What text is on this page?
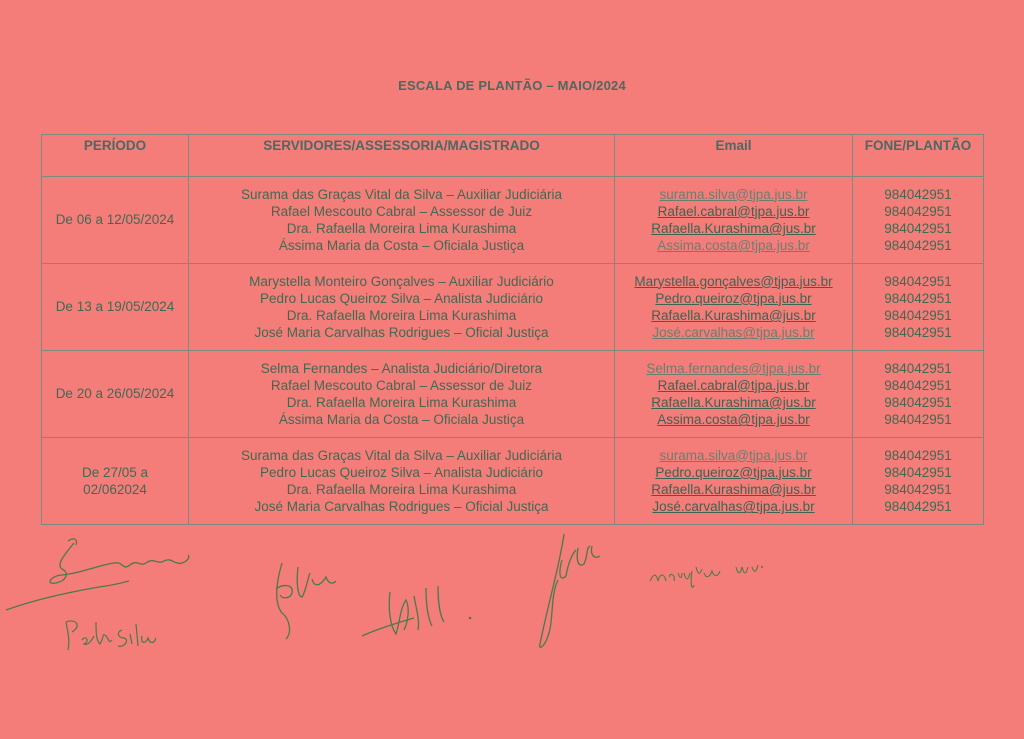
ESCALA DE PLANTÃO – MAIO/2024
PERÍODO	SERVIDORES/ASSESSORIA/MAGISTRADO	Email	FONE/PLANTÃO
De 06 a 12/05/2024	Surama das Graças Vital da Silva – Auxiliar Judiciária
Rafael Mescouto Cabral – Assessor de Juiz
Dra. Rafaella Moreira Lima Kurashima
Ássima Maria da Costa – Oficiala Justiça	surama.silva@tjpa.jus.br
Rafael.cabral@tjpa.jus.br
Rafaella.Kurashima@jus.br
Assima.costa@tjpa.jus.br	984042951
984042951
984042951
984042951

De 13 a 19/05/2024	Marystella Monteiro Gonçalves – Auxiliar Judiciário
Pedro Lucas Queiroz Silva – Analista Judiciário
Dra. Rafaella Moreira Lima Kurashima
José Maria Carvalhas Rodrigues – Oficial Justiça	Marystella.gonçalves@tjpa.jus.br
Pedro.queiroz@tjpa.jus.br
Rafaella.Kurashima@jus.br
José.carvalhas@tjpa.jus.br	984042951
984042951
984042951
984042951

De 20 a 26/05/2024	Selma Fernandes – Analista Judiciário/Diretora
Rafael Mescouto Cabral – Assessor de Juiz
Dra. Rafaella Moreira Lima Kurashima
Ássima Maria da Costa – Oficiala Justiça	Selma.fernandes@tjpa.jus.br
Rafael.cabral@tjpa.jus.br
Rafaella.Kurashima@jus.br
Assima.costa@tjpa.jus.br	984042951
984042951
984042951
984042951

De 27/05 a
02/062024	Surama das Graças Vital da Silva – Auxiliar Judiciária
Pedro Lucas Queiroz Silva – Analista Judiciário
Dra. Rafaella Moreira Lima Kurashima
José Maria Carvalhas Rodrigues – Oficial Justiça	surama.silva@tjpa.jus.br
Pedro.queiroz@tjpa.jus.br
Rafaella.Kurashima@jus.br
José.carvalhas@tjpa.jus.br	984042951
984042951
984042951
984042951
